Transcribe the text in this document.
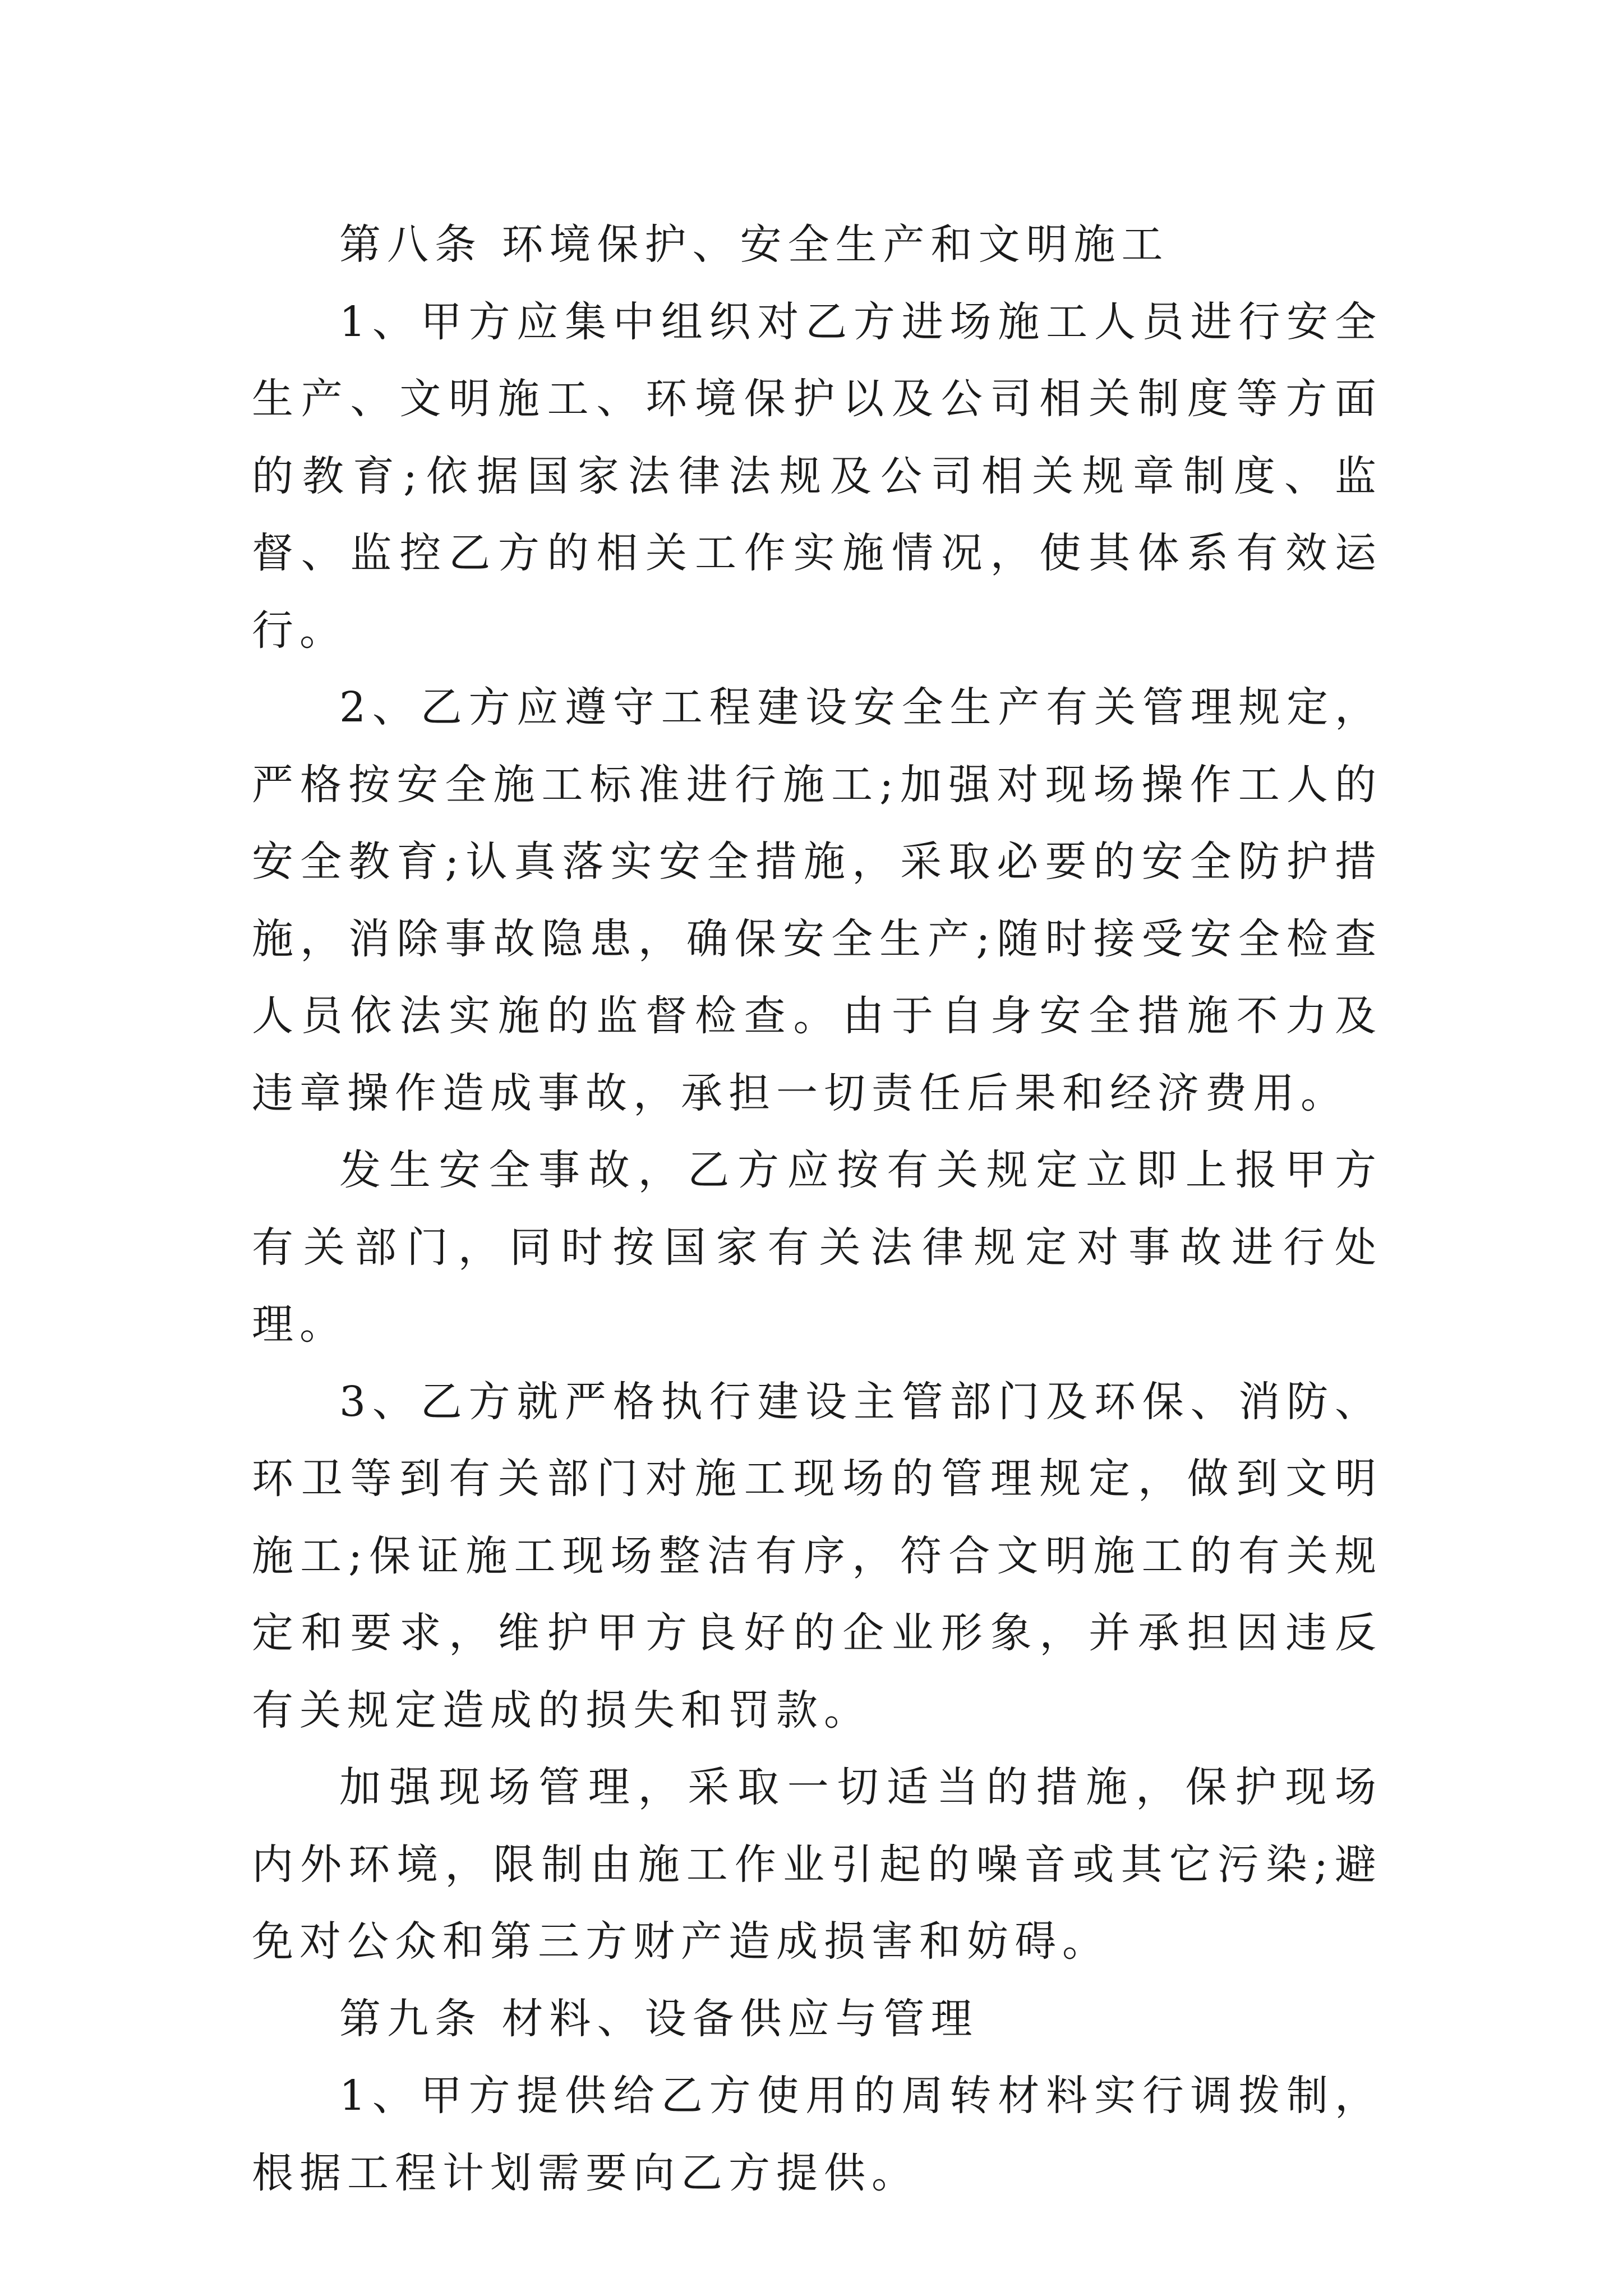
第八条 环境保护、安全生产和文明施工

1、甲方应集中组织对乙方进场施工人员进行安全生产、文明施工、环境保护以及公司相关制度等方面的教育;依据国家法律法规及公司相关规章制度、监督、监控乙方的相关工作实施情况，使其体系有效运行。

2、乙方应遵守工程建设安全生产有关管理规定，严格按安全施工标准进行施工;加强对现场操作工人的安全教育;认真落实安全措施，采取必要的安全防护措施，消除事故隐患，确保安全生产;随时接受安全检查人员依法实施的监督检查。由于自身安全措施不力及违章操作造成事故，承担一切责任后果和经济费用。

发生安全事故，乙方应按有关规定立即上报甲方有关部门，同时按国家有关法律规定对事故进行处理。

3、乙方就严格执行建设主管部门及环保、消防、环卫等到有关部门对施工现场的管理规定，做到文明施工;保证施工现场整洁有序，符合文明施工的有关规定和要求，维护甲方良好的企业形象，并承担因违反有关规定造成的损失和罚款。

加强现场管理，采取一切适当的措施，保护现场内外环境，限制由施工作业引起的噪音或其它污染;避免对公众和第三方财产造成损害和妨碍。

第九条 材料、设备供应与管理

1、甲方提供给乙方使用的周转材料实行调拨制，根据工程计划需要向乙方提供。
